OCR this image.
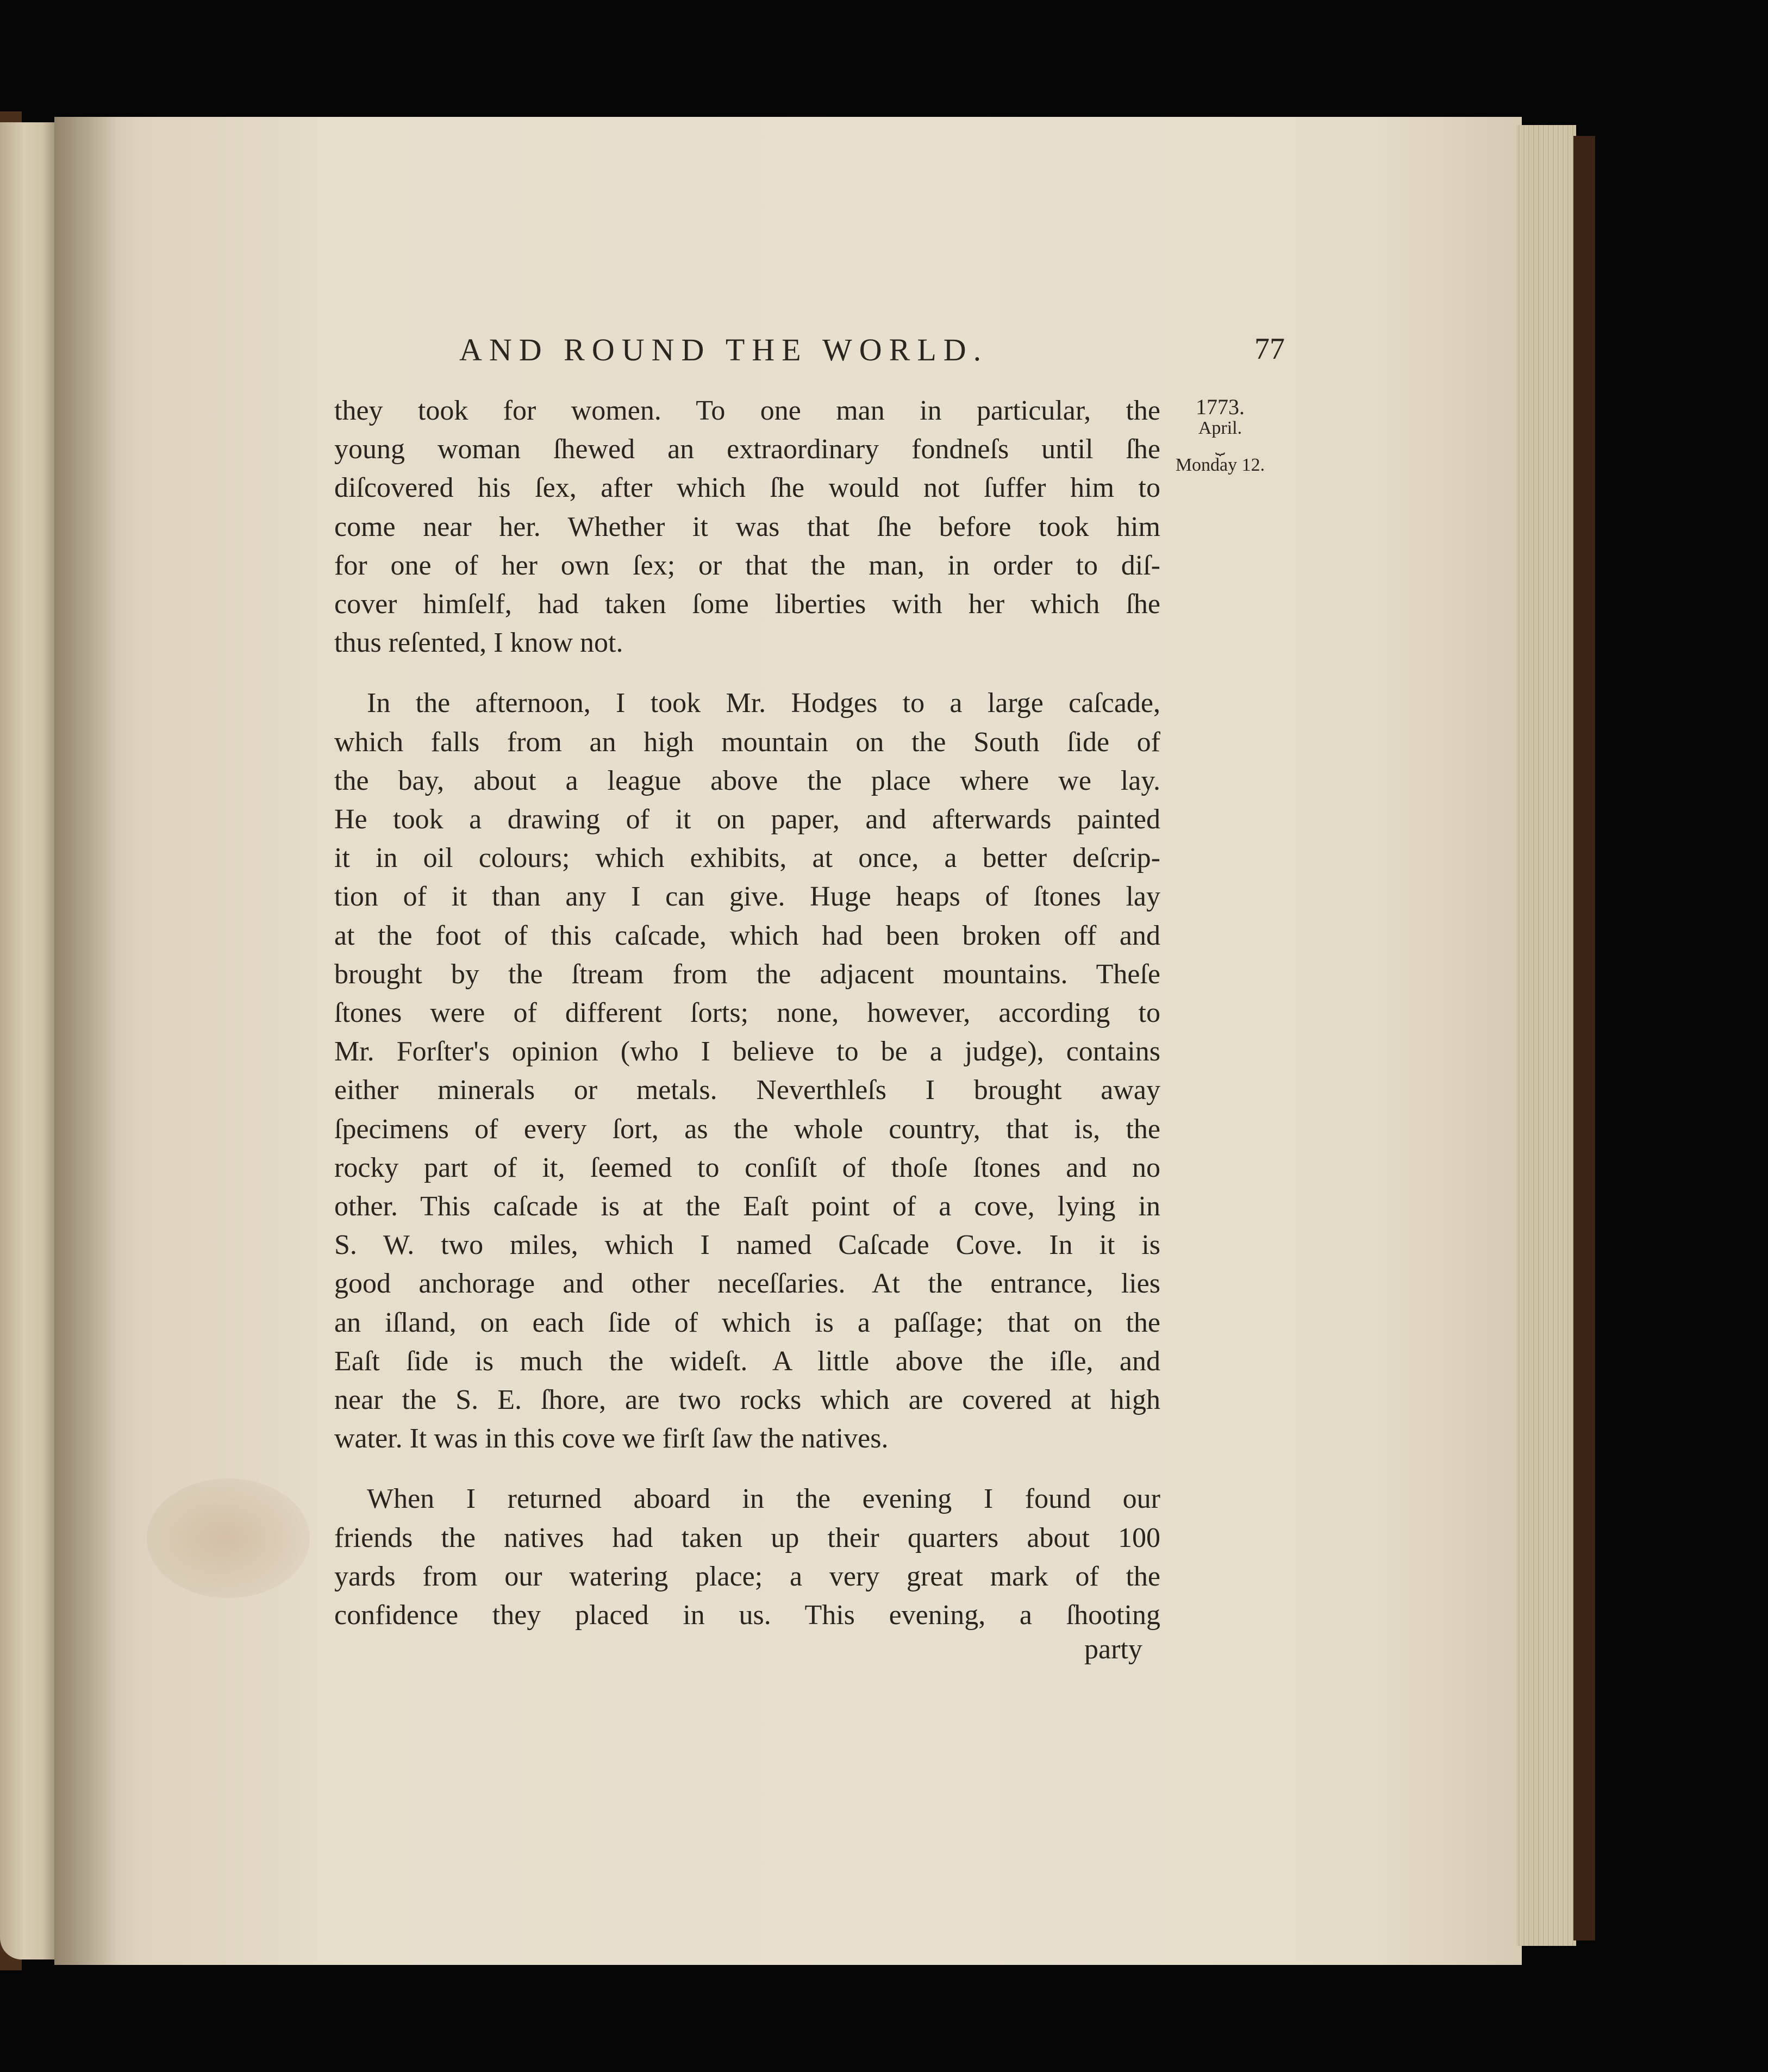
AND ROUND THE WORLD.	77
1773.
April.
⏟
Monday 12.

they took for women. To one man in particular, the

young woman ſhewed an extraordinary fondneſs until ſhe

diſcovered his ſex, after which ſhe would not ſuffer him to

come near her. Whether it was that ſhe before took him

for one of her own ſex; or that the man, in order to diſ-

cover himſelf, had taken ſome liberties with her which ſhe

thus reſented, I know not.

In the afternoon, I took Mr. Hodges to a large caſcade,

which falls from an high mountain on the South ſide of

the bay, about a league above the place where we lay.

He took a drawing of it on paper, and afterwards painted

it in oil colours; which exhibits, at once, a better deſcrip-

tion of it than any I can give. Huge heaps of ſtones lay

at the foot of this caſcade, which had been broken off and

brought by the ſtream from the adjacent mountains. Theſe

ſtones were of different ſorts; none, however, according to

Mr. Forſter's opinion (who I believe to be a judge), contains

either minerals or metals. Neverthleſs I brought away

ſpecimens of every ſort, as the whole country, that is, the

rocky part of it, ſeemed to conſiſt of thoſe ſtones and no

other. This caſcade is at the Eaſt point of a cove, lying in

S. W. two miles, which I named Caſcade Cove. In it is

good anchorage and other neceſſaries. At the entrance, lies

an iſland, on each ſide of which is a paſſage; that on the

Eaſt ſide is much the wideſt. A little above the iſle, and

near the S. E. ſhore, are two rocks which are covered at high

water. It was in this cove we firſt ſaw the natives.

When I returned aboard in the evening I found our

friends the natives had taken up their quarters about 100

yards from our watering place; a very great mark of the

confidence they placed in us. This evening, a ſhooting

party
